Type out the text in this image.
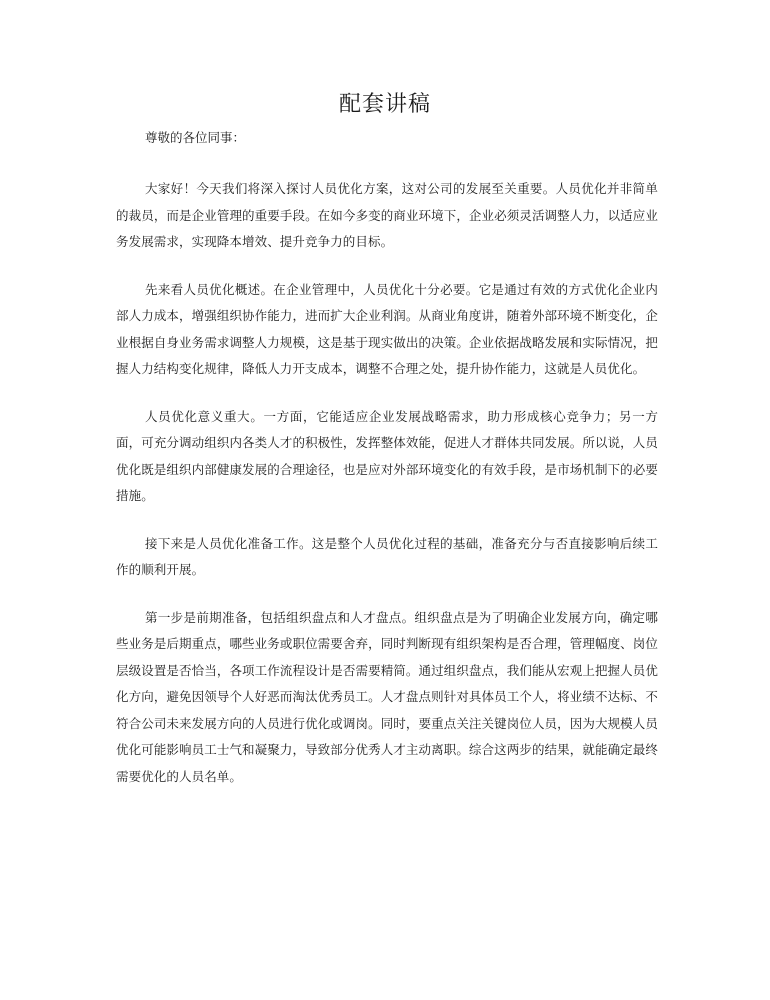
配套讲稿

尊敬的各位同事：

大家好！今天我们将深入探讨人员优化方案，这对公司的发展至关重要。人员优化并非简单的裁员，而是企业管理的重要手段。在如今多变的商业环境下，企业必须灵活调整人力，以适应业务发展需求，实现降本增效、提升竞争力的目标。

先来看人员优化概述。在企业管理中，人员优化十分必要。它是通过有效的方式优化企业内部人力成本，增强组织协作能力，进而扩大企业利润。从商业角度讲，随着外部环境不断变化，企业根据自身业务需求调整人力规模，这是基于现实做出的决策。企业依据战略发展和实际情况，把握人力结构变化规律，降低人力开支成本，调整不合理之处，提升协作能力，这就是人员优化。

人员优化意义重大。一方面，它能适应企业发展战略需求，助力形成核心竞争力；另一方面，可充分调动组织内各类人才的积极性，发挥整体效能，促进人才群体共同发展。所以说，人员优化既是组织内部健康发展的合理途径，也是应对外部环境变化的有效手段，是市场机制下的必要措施。

接下来是人员优化准备工作。这是整个人员优化过程的基础，准备充分与否直接影响后续工作的顺利开展。

第一步是前期准备，包括组织盘点和人才盘点。组织盘点是为了明确企业发展方向，确定哪些业务是后期重点，哪些业务或职位需要舍弃，同时判断现有组织架构是否合理，管理幅度、岗位层级设置是否恰当，各项工作流程设计是否需要精简。通过组织盘点，我们能从宏观上把握人员优化方向，避免因领导个人好恶而淘汰优秀员工。人才盘点则针对具体员工个人，将业绩不达标、不符合公司未来发展方向的人员进行优化或调岗。同时，要重点关注关键岗位人员，因为大规模人员优化可能影响员工士气和凝聚力，导致部分优秀人才主动离职。综合这两步的结果，就能确定最终需要优化的人员名单。
